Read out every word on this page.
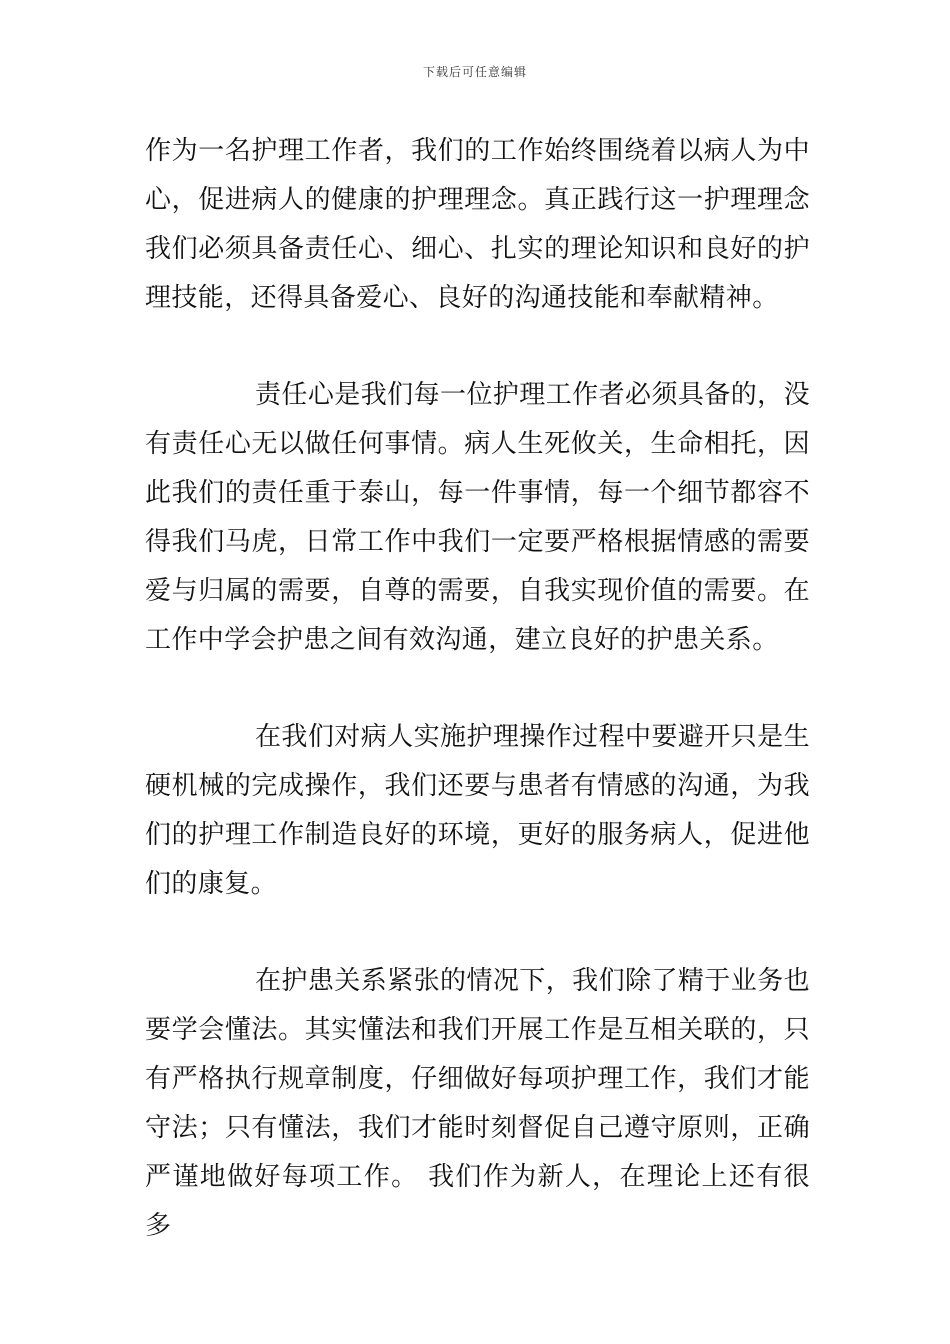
下载后可任意编辑

作为一名护理工作者，我们的工作始终围绕着以病人为中心，促进病人的健康的护理理念。真正践行这一护理理念我们必须具备责任心、细心、扎实的理论知识和良好的护理技能，还得具备爱心、良好的沟通技能和奉献精神。

责任心是我们每一位护理工作者必须具备的，没有责任心无以做任何事情。病人生死攸关，生命相托，因此我们的责任重于泰山，每一件事情，每一个细节都容不得我们马虎，日常工作中我们一定要严格根据情感的需要爱与归属的需要，自尊的需要，自我实现价值的需要。在工作中学会护患之间有效沟通，建立良好的护患关系。

在我们对病人实施护理操作过程中要避开只是生硬机械的完成操作，我们还要与患者有情感的沟通，为我们的护理工作制造良好的环境，更好的服务病人，促进他们的康复。

在护患关系紧张的情况下，我们除了精于业务也要学会懂法。其实懂法和我们开展工作是互相关联的，只有严格执行规章制度，仔细做好每项护理工作，我们才能守法；只有懂法，我们才能时刻督促自己遵守原则，正确严谨地做好每项工作。 我们作为新人，在理论上还有很多
